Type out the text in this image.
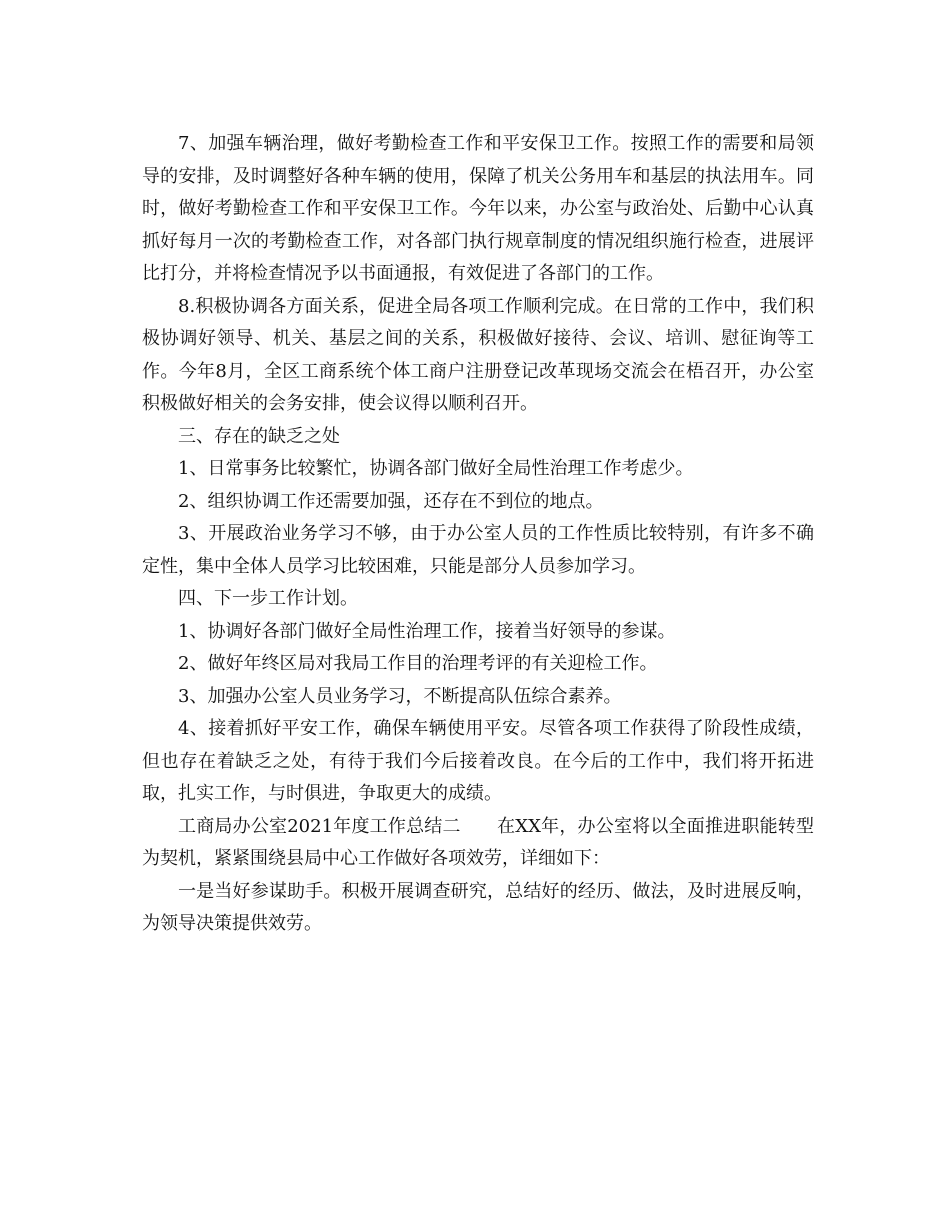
7、加强车辆治理，做好考勤检查工作和平安保卫工作。按照工作的需要和局领导的安排，及时调整好各种车辆的使用，保障了机关公务用车和基层的执法用车。同时，做好考勤检查工作和平安保卫工作。今年以来，办公室与政治处、后勤中心认真抓好每月一次的考勤检查工作，对各部门执行规章制度的情况组织施行检查，进展评比打分，并将检查情况予以书面通报，有效促进了各部门的工作。

8.积极协调各方面关系，促进全局各项工作顺利完成。在日常的工作中，我们积极协调好领导、机关、基层之间的关系，积极做好接待、会议、培训、慰征询等工作。今年8月，全区工商系统个体工商户注册登记改革现场交流会在梧召开，办公室积极做好相关的会务安排，使会议得以顺利召开。

三、存在的缺乏之处

1、日常事务比较繁忙，协调各部门做好全局性治理工作考虑少。

2、组织协调工作还需要加强，还存在不到位的地点。

3、开展政治业务学习不够，由于办公室人员的工作性质比较特别，有许多不确定性，集中全体人员学习比较困难，只能是部分人员参加学习。

四、下一步工作计划。

1、协调好各部门做好全局性治理工作，接着当好领导的参谋。

2、做好年终区局对我局工作目的治理考评的有关迎检工作。

3、加强办公室人员业务学习，不断提高队伍综合素养。

4、接着抓好平安工作，确保车辆使用平安。尽管各项工作获得了阶段性成绩，但也存在着缺乏之处，有待于我们今后接着改良。在今后的工作中，我们将开拓进取，扎实工作，与时俱进，争取更大的成绩。

工商局办公室2021年度工作总结二　　在XX年，办公室将以全面推进职能转型为契机，紧紧围绕县局中心工作做好各项效劳，详细如下：

一是当好参谋助手。积极开展调查研究，总结好的经历、做法，及时进展反响，为领导决策提供效劳。
